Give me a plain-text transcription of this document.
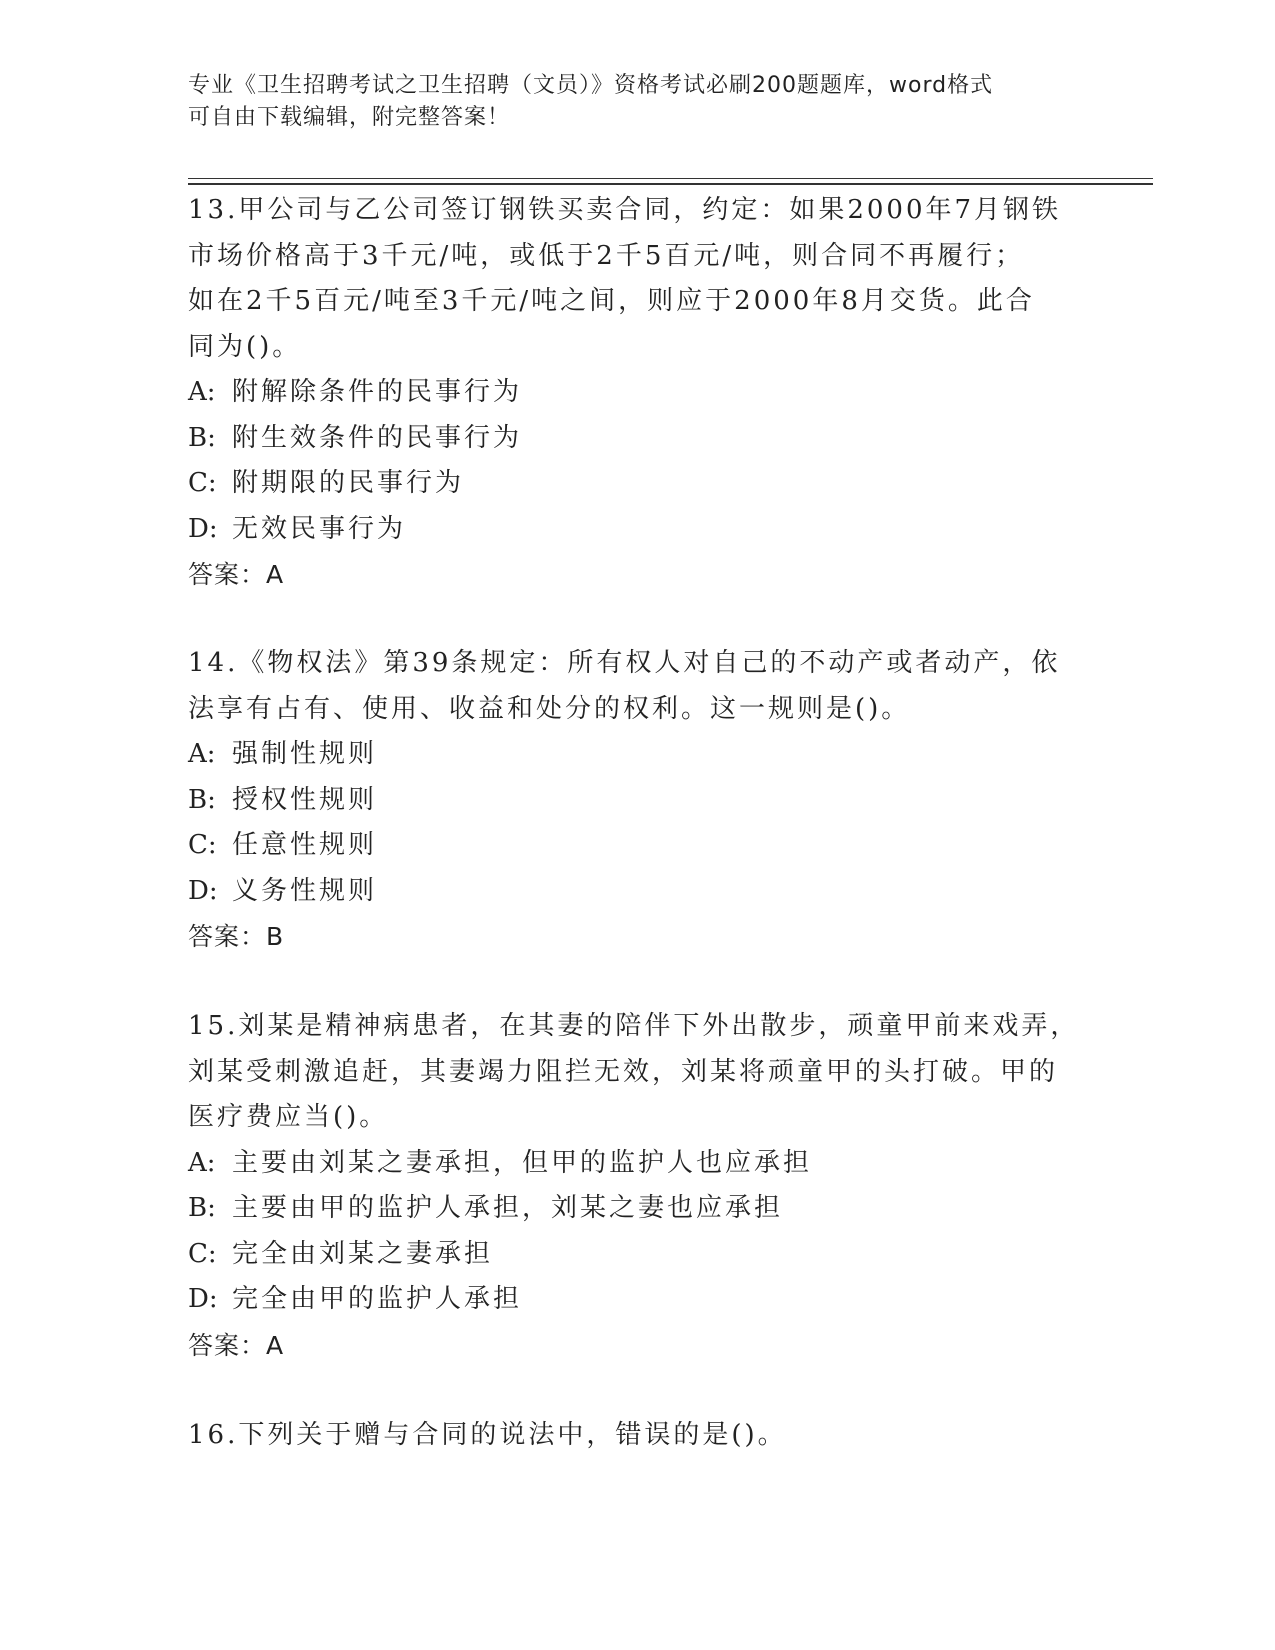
专业《卫生招聘考试之卫生招聘（文员）》资格考试必刷200题题库，word格式
可自由下载编辑，附完整答案！

13.甲公司与乙公司签订钢铁买卖合同，约定：如果2000年7月钢铁
市场价格高于3千元/吨，或低于2千5百元/吨，则合同不再履行；
如在2千5百元/吨至3千元/吨之间，则应于2000年8月交货。此合
同为()。

A: 附解除条件的民事行为

B: 附生效条件的民事行为

C: 附期限的民事行为

D: 无效民事行为

答案：A

14.《物权法》第39条规定：所有权人对自己的不动产或者动产，依
法享有占有、使用、收益和处分的权利。这一规则是()。

A: 强制性规则

B: 授权性规则

C: 任意性规则

D: 义务性规则

答案：B

15.刘某是精神病患者，在其妻的陪伴下外出散步，顽童甲前来戏弄，
刘某受刺激追赶，其妻竭力阻拦无效，刘某将顽童甲的头打破。甲的
医疗费应当()。

A: 主要由刘某之妻承担，但甲的监护人也应承担

B: 主要由甲的监护人承担，刘某之妻也应承担

C: 完全由刘某之妻承担

D: 完全由甲的监护人承担

答案：A

16.下列关于赠与合同的说法中，错误的是()。
